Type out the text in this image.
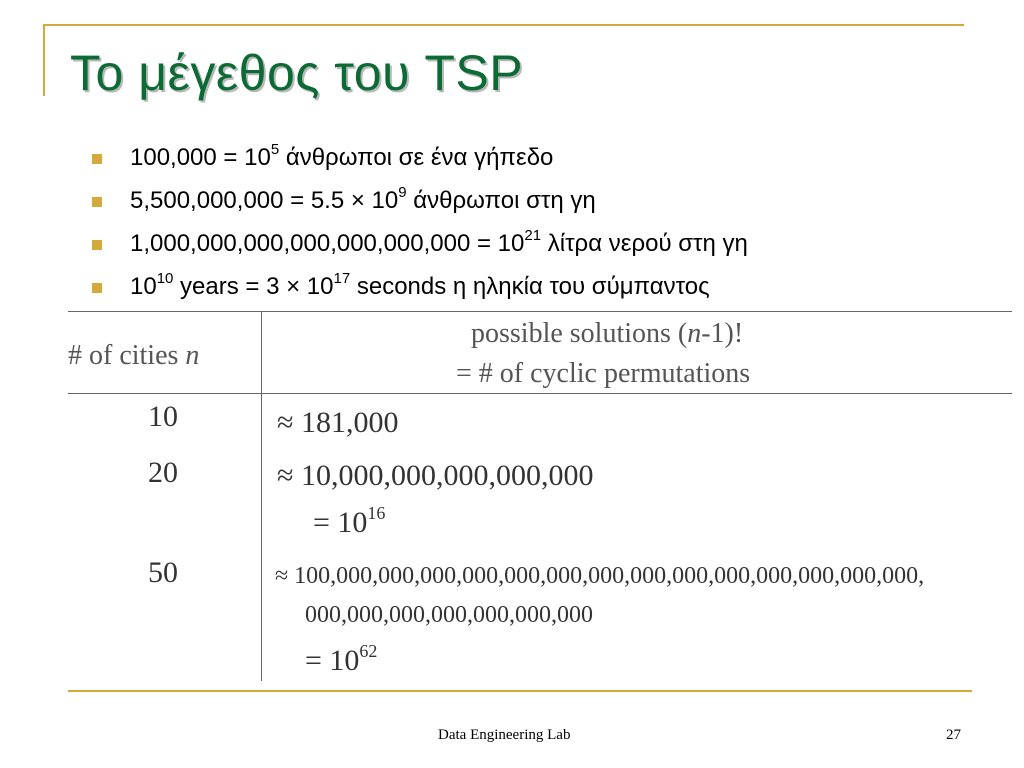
Το μέγεθος του TSP
$100,000 = 10^5$ άνθρωποι σε ένα γήπεδο
$5,500,000,000 = 5.5 \times 10^9$ άνθρωποι στη γη
$1,000,000,000,000,000,000,000 = 10^{21}$ λίτρα νερού στη γη
$10^{10}$ years = $3 \times 10^{17}$ seconds η ηληκία του σύμπαντος
# of cities n
possible solutions (n-1)!
= # of cyclic permutations
10	≈ 181,000
20	≈ 10,000,000,000,000,000
= $10^{16}$
50	≈ 100,000,000,000,000,000,000,000,000,000,000,000,000,000,000,
000,000,000,000,000,000,000
= $10^{62}$
Data Engineering Lab	27
